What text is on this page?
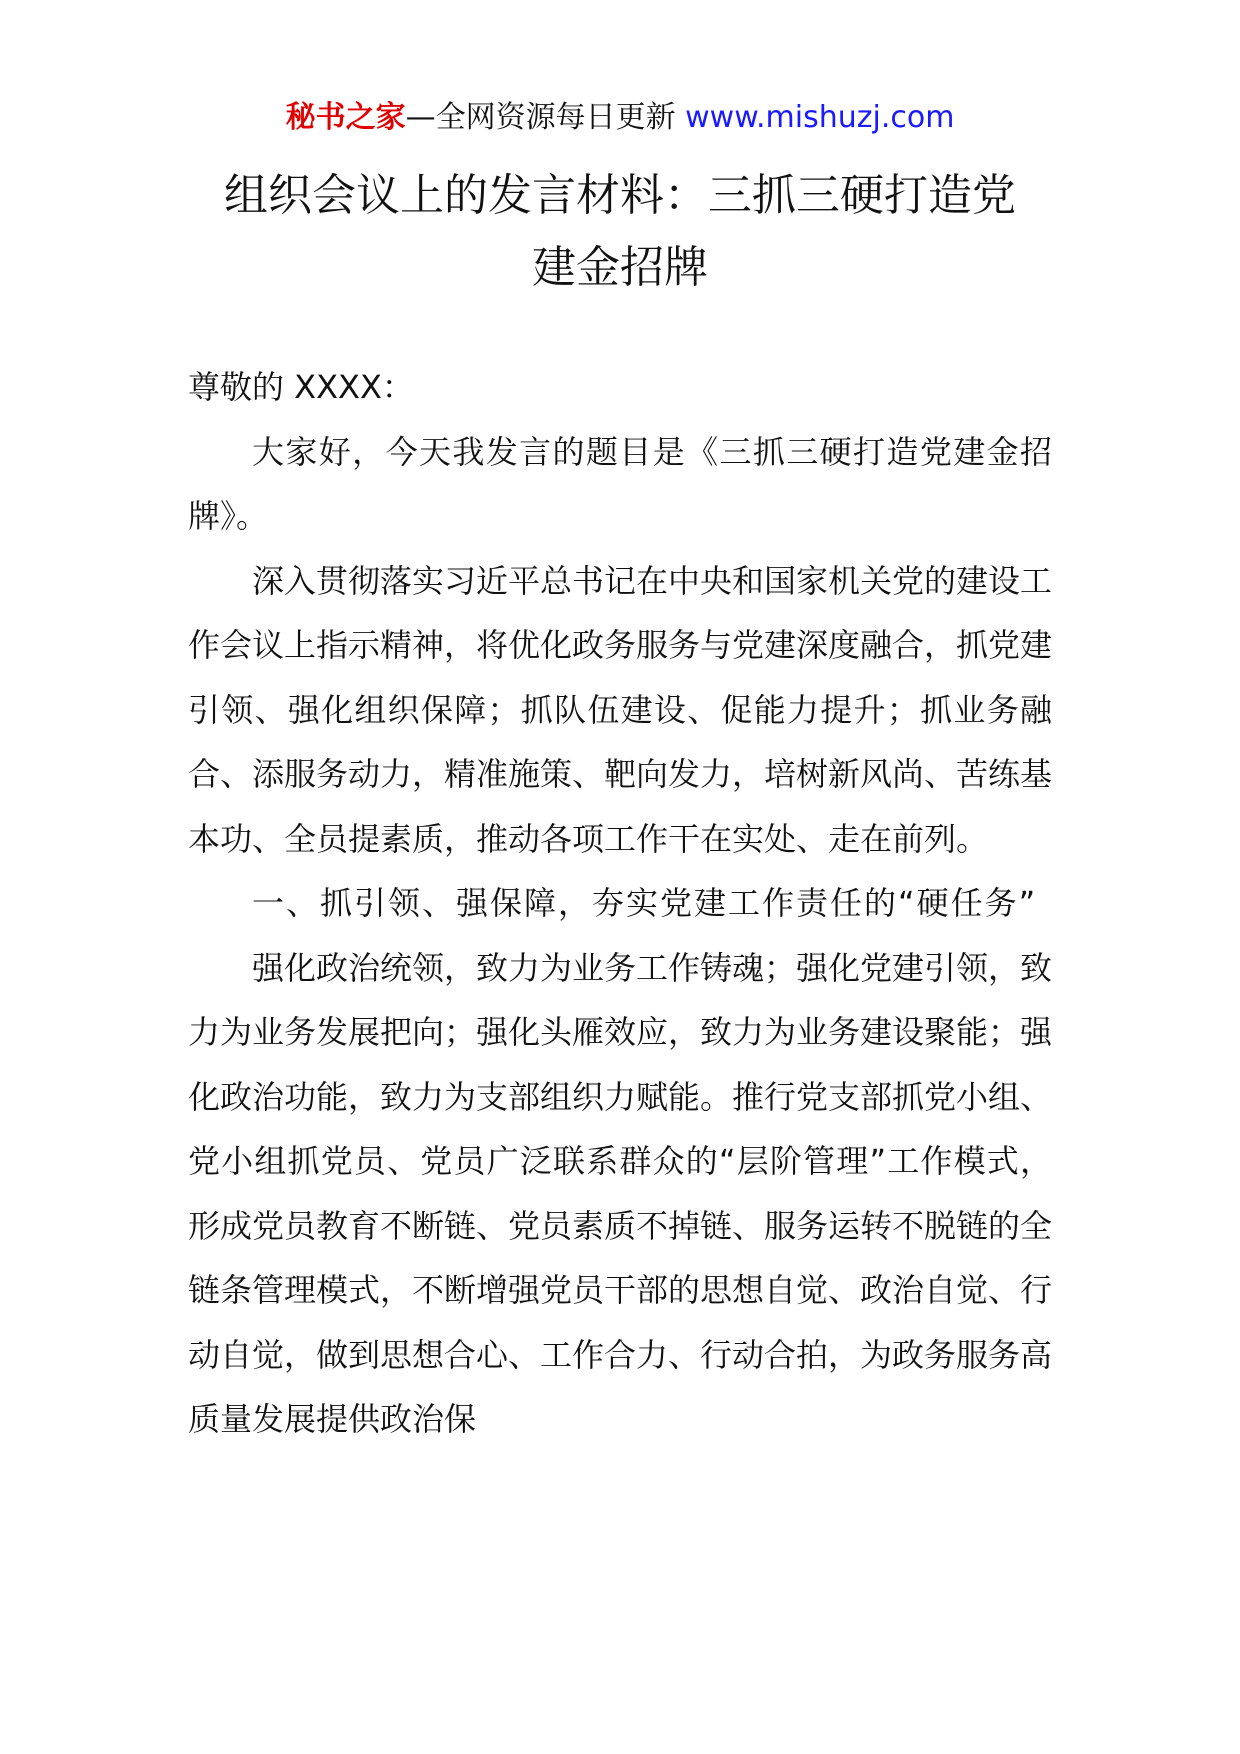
秘书之家—全网资源每日更新 www.mishuzj.com
组织会议上的发言材料：三抓三硬打造党
建金招牌

尊敬的 XXXX：

大家好，今天我发言的题目是《三抓三硬打造党建金招牌》。

深入贯彻落实习近平总书记在中央和国家机关党的建设工作会议上指示精神，将优化政务服务与党建深度融合，抓党建引领、强化组织保障；抓队伍建设、促能力提升；抓业务融合、添服务动力，精准施策、靶向发力，培树新风尚、苦练基本功、全员提素质，推动各项工作干在实处、走在前列。

一、抓引领、强保障，夯实党建工作责任的“硬任务”

强化政治统领，致力为业务工作铸魂；强化党建引领，致力为业务发展把向；强化头雁效应，致力为业务建设聚能；强化政治功能，致力为支部组织力赋能。推行党支部抓党小组、党小组抓党员、党员广泛联系群众的“层阶管理”工作模式，形成党员教育不断链、党员素质不掉链、服务运转不脱链的全链条管理模式，不断增强党员干部的思想自觉、政治自觉、行动自觉，做到思想合心、工作合力、行动合拍，为政务服务高质量发展提供政治保
